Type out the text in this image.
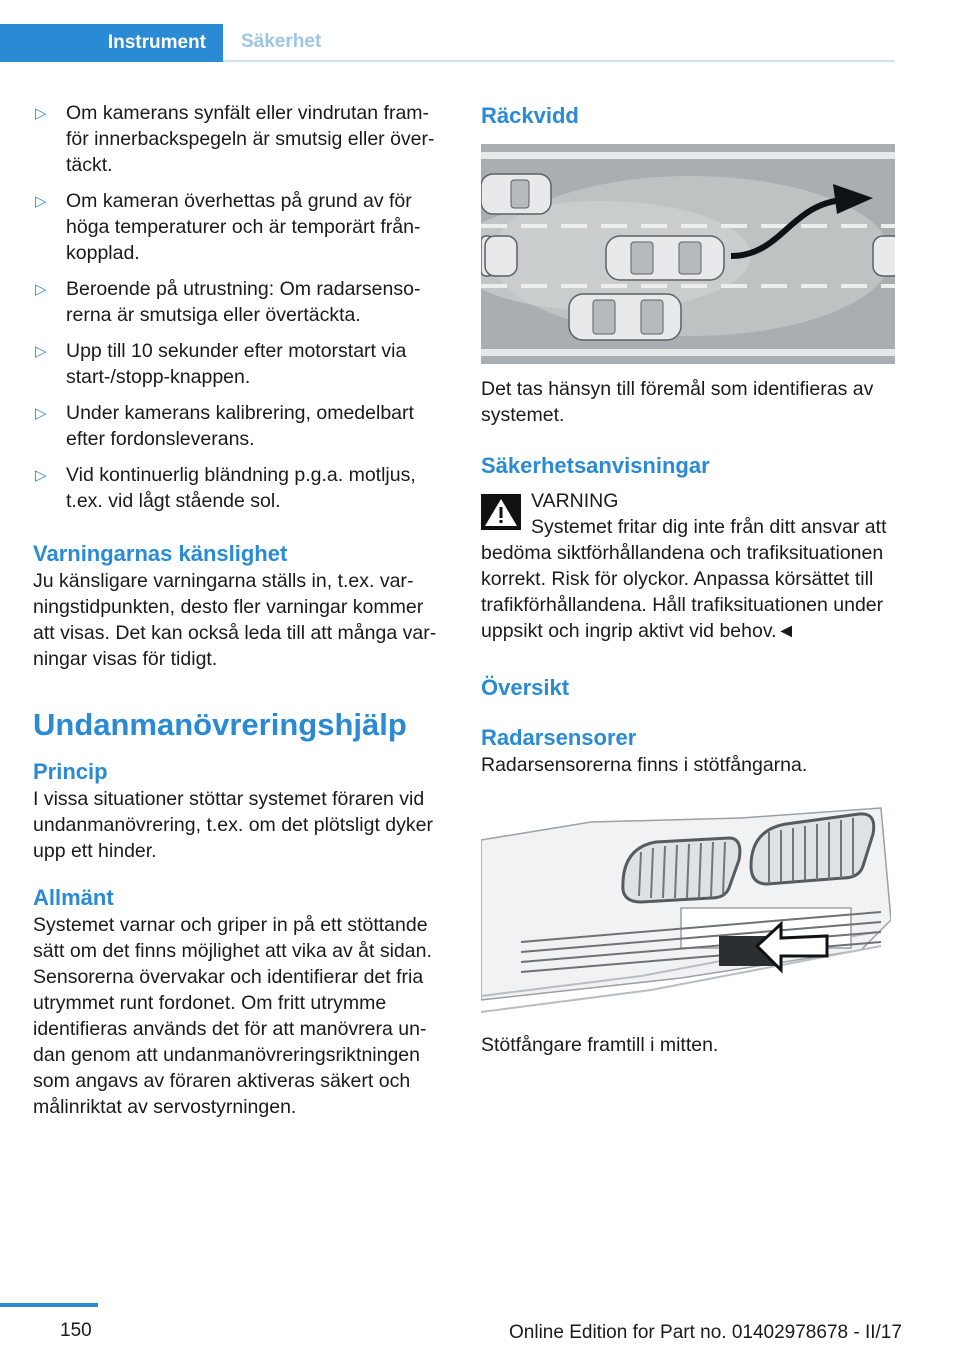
Instrument	Säkerhet
▷ Om kamerans synfält eller vindrutan framför innerbackspegeln är smutsig eller övertäckt.
▷ Om kameran överhettas på grund av för höga temperaturer och är temporärt frånkopplad.
▷ Beroende på utrustning: Om radarsensorerna är smutsiga eller övertäckta.
▷ Upp till 10 sekunder efter motorstart via start-/stopp-knappen.
▷ Under kamerans kalibrering, omedelbart efter fordonsleverans.
▷ Vid kontinuerlig bländning p.g.a. motljus, t.ex. vid lågt stående sol.
Varningarnas känslighet

Ju känsligare varningarna ställs in, t.ex. varningstidpunkten, desto fler varningar kommer att visas. Det kan också leda till att många varningar visas för tidigt.

Undanmanövreringshjälp
Princip

I vissa situationer stöttar systemet föraren vid undanmanövrering, t.ex. om det plötsligt dyker upp ett hinder.

Allmänt

Systemet varnar och griper in på ett stöttande sätt om det finns möjlighet att vika av åt sidan. Sensorerna övervakar och identifierar det fria utrymmet runt fordonet. Om fritt utrymme identifieras används det för att manövrera undan genom att undanmanövreringsriktningen som angavs av föraren aktiveras säkert och målinriktat av servostyrningen.

Räckvidd

Det tas hänsyn till föremål som identifieras av systemet.

Säkerhetsanvisningar

VARNING

Systemet fritar dig inte från ditt ansvar att bedöma siktförhållandena och trafiksituationen korrekt. Risk för olyckor. Anpassa körsättet till trafikförhållandena. Håll trafiksituationen under uppsikt och ingrip aktivt vid behov.◄

Översikt
Radarsensorer

Radarsensorerna finns i stötfångarna.

Stötfångare framtill i mitten.

150	Online Edition for Part no. 01402978678 - II/17
